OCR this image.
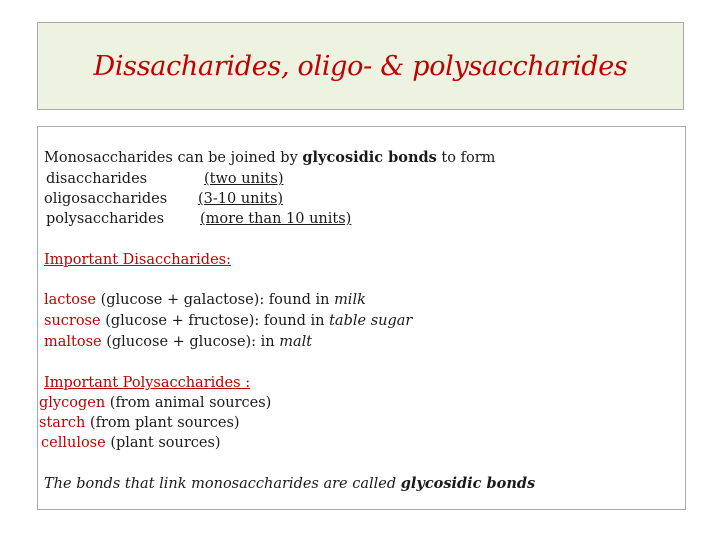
Dissacharides, oligo- & polysaccharides
Monosaccharides can be joined by glycosidic bonds to form
disaccharides	(two units)
oligosaccharides	(3-10 units)
polysaccharides (more than 10 units)
Important Disaccharides:
lactose (glucose + galactose): found in milk
sucrose (glucose + fructose): found in table sugar
maltose (glucose + glucose): in malt
Important Polysaccharides :
glycogen (from animal sources)
starch (from plant sources)
cellulose (plant sources)
The bonds that link monosaccharides are called glycosidic bonds
